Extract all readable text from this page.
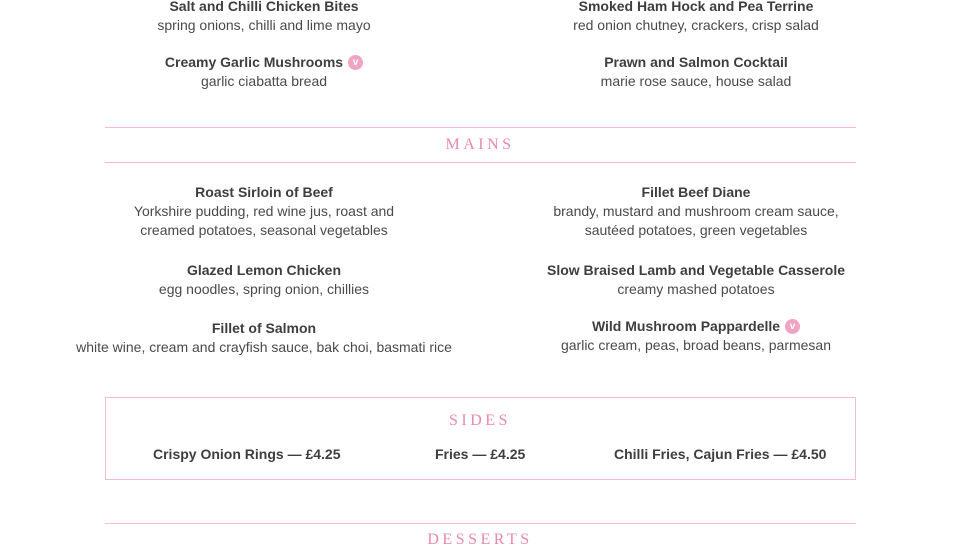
Salt and Chilli Chicken Bites
spring onions, chilli and lime mayo
Creamy Garlic Mushrooms v
garlic ciabatta bread
Smoked Ham Hock and Pea Terrine
red onion chutney, crackers, crisp salad
Prawn and Salmon Cocktail
marie rose sauce, house salad
MAINS
Roast Sirloin of Beef
Yorkshire pudding, red wine jus, roast and
creamed potatoes, seasonal vegetables
Glazed Lemon Chicken
egg noodles, spring onion, chillies
Fillet of Salmon
white wine, cream and crayfish sauce, bak choi, basmati rice
Fillet Beef Diane
brandy, mustard and mushroom cream sauce,
sautéed potatoes, green vegetables
Slow Braised Lamb and Vegetable Casserole
creamy mashed potatoes
Wild Mushroom Pappardelle v
garlic cream, peas, broad beans, parmesan
SIDES
Crispy Onion Rings — £4.25	Fries — £4.25	Chilli Fries, Cajun Fries — £4.50
DESSERTS
